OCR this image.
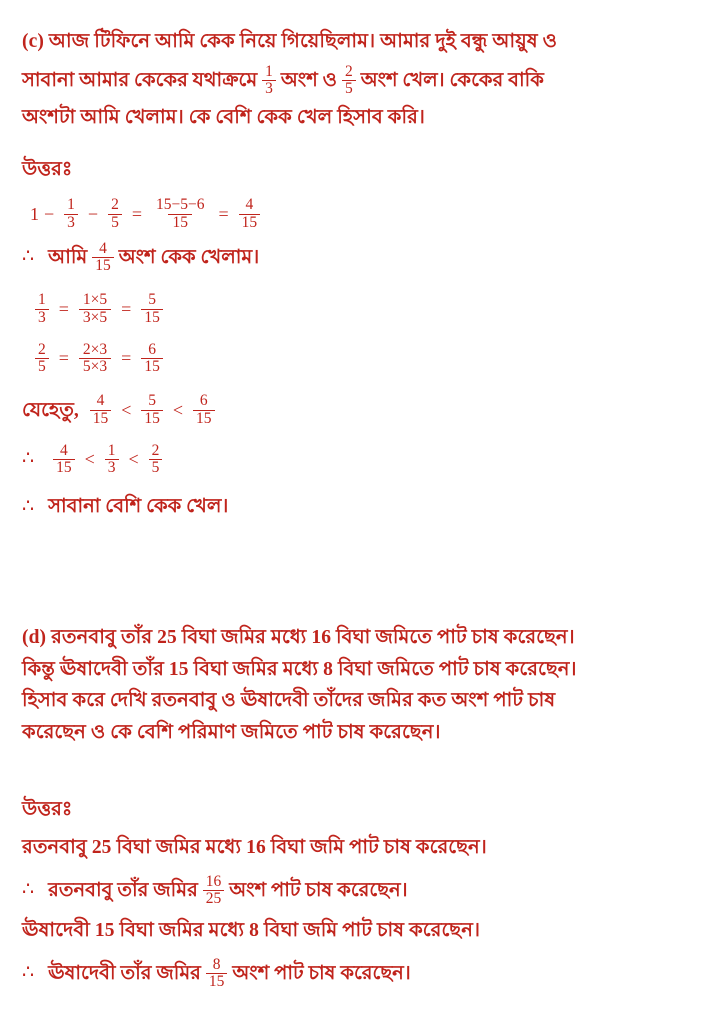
(c) আজ টিফিনে আমি কেক নিয়ে গিয়েছিলাম। আমার দুই বন্ধু আয়ুষ ও
সাবানা আমার কেকের যথাক্রমে $\frac{1}{3}$ অংশ ও $\frac{2}{5}$ অংশ খেল। কেকের বাকি
অংশটা আমি খেলাম। কে বেশি কেক খেল হিসাব করি।
উত্তরঃ
$1 - \frac{1}{3} - \frac{2}{5} = \frac{15-5-6}{15} = \frac{4}{15}$
∴ আমি $\frac{4}{15}$ অংশ কেক খেলাম।
$\frac{1}{3} = \frac{1\times 5}{3\times 5} = \frac{5}{15}$
$\frac{2}{5} = \frac{2\times 3}{5\times 3} = \frac{6}{15}$
যেহেতু, $\frac{4}{15} < \frac{5}{15} < \frac{6}{15}$
∴ $\frac{4}{15} < \frac{1}{3} < \frac{2}{5}$
∴ সাবানা বেশি কেক খেল।
(d) রতনবাবু তাঁর 25 বিঘা জমির মধ্যে 16 বিঘা জমিতে পাট চাষ করেছেন।
কিন্তু ঊষাদেবী তাঁর 15 বিঘা জমির মধ্যে 8 বিঘা জমিতে পাট চাষ করেছেন।
হিসাব করে দেখি রতনবাবু ও ঊষাদেবী তাঁদের জমির কত অংশ পাট চাষ
করেছেন ও কে বেশি পরিমাণ জমিতে পাট চাষ করেছেন।
উত্তরঃ
রতনবাবু 25 বিঘা জমির মধ্যে 16 বিঘা জমি পাট চাষ করেছেন।
∴ রতনবাবু তাঁর জমির $\frac{16}{25}$ অংশ পাট চাষ করেছেন।
ঊষাদেবী 15 বিঘা জমির মধ্যে 8 বিঘা জমি পাট চাষ করেছেন।
∴ ঊষাদেবী তাঁর জমির $\frac{8}{15}$ অংশ পাট চাষ করেছেন।
